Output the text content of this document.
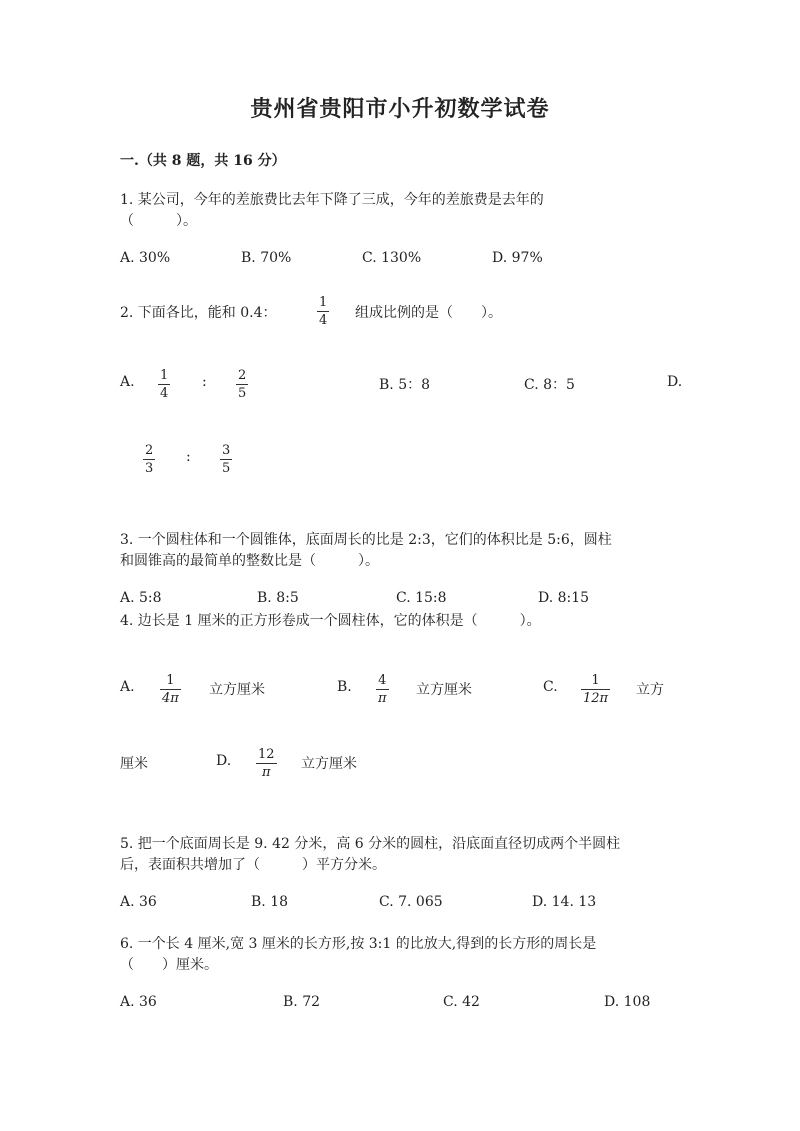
贵州省贵阳市小升初数学试卷
一.（共 8 题，共 16 分）
1. 某公司，今年的差旅费比去年下降了三成，今年的差旅费是去年的
（　　　）。
A. 30%	B. 70%	C. 130%	D. 97%
2. 下面各比，能和 0.4：
1
4 组成比例的是（　　）。
A. 1
4
: 2
5
B. 5：8	C. 8：5	D.
2
3
: 3
5
3. 一个圆柱体和一个圆锥体，底面周长的比是 2:3，它们的体积比是 5:6，圆柱
和圆锥高的最简单的整数比是（　　　）。
A. 5:8	B. 8:5	C. 15:8	D. 8:15
4. 边长是 1 厘米的正方形卷成一个圆柱体，它的体积是（　　　）。
A. 1
4π
立方厘米	B. 4
π
立方厘米	C.	1
12π
立方
厘米	D. 12
π
立方厘米
5. 把一个底面周长是 9. 42 分米，高 6 分米的圆柱，沿底面直径切成两个半圆柱
后，表面积共增加了（　　　）平方分米。
A. 36	B. 18	C. 7. 065	D. 14. 13
6. 一个长 4 厘米,宽 3 厘米的长方形,按 3:1 的比放大,得到的长方形的周长是
（　　）厘米。
A. 36	B. 72	C. 42	D. 108
